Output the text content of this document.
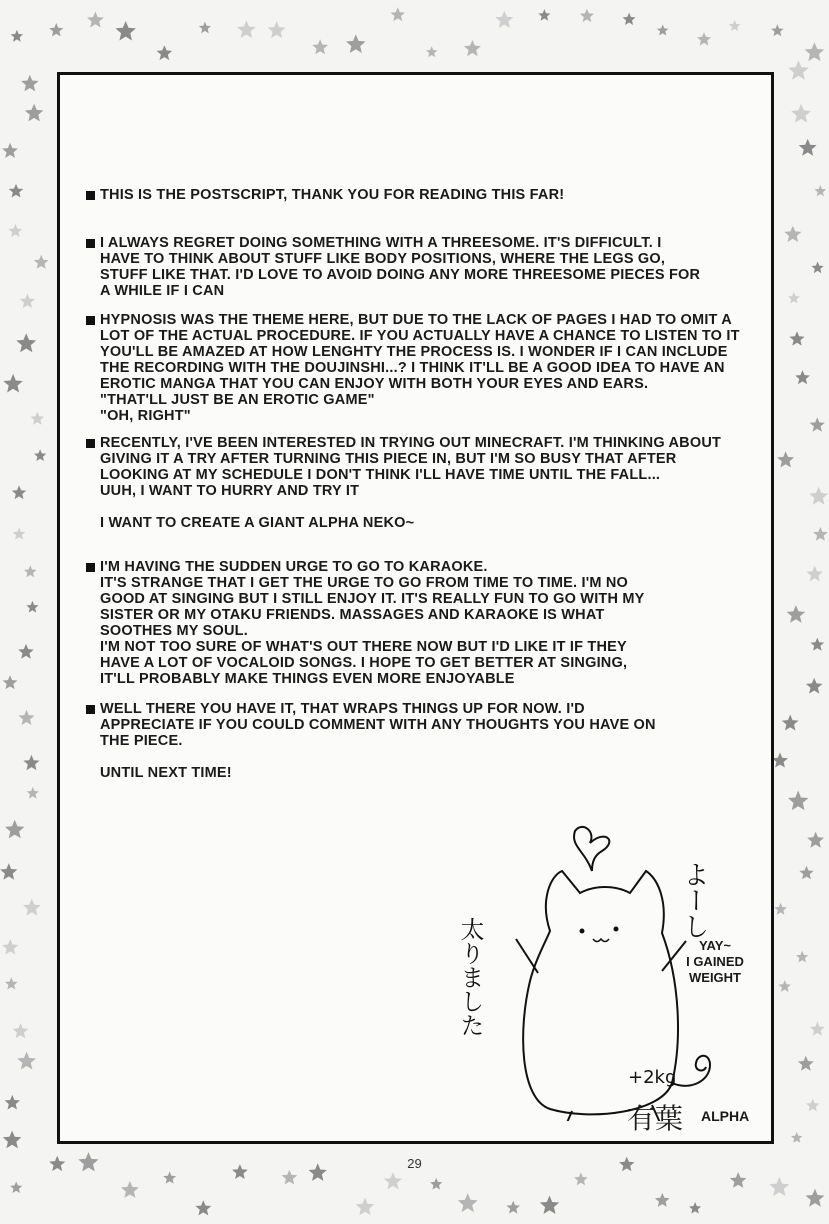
THIS IS THE POSTSCRIPT, THANK YOU FOR READING THIS FAR!

I ALWAYS REGRET DOING SOMETHING WITH A THREESOME. IT'S DIFFICULT. I
HAVE TO THINK ABOUT STUFF LIKE BODY POSITIONS, WHERE THE LEGS GO,
STUFF LIKE THAT. I'D LOVE TO AVOID DOING ANY MORE THREESOME PIECES FOR
A WHILE IF I CAN

HYPNOSIS WAS THE THEME HERE, BUT DUE TO THE LACK OF PAGES I HAD TO OMIT A
LOT OF THE ACTUAL PROCEDURE. IF YOU ACTUALLY HAVE A CHANCE TO LISTEN TO IT
YOU'LL BE AMAZED AT HOW LENGHTY THE PROCESS IS. I WONDER IF I CAN INCLUDE
THE RECORDING WITH THE DOUJINSHI...? I THINK IT'LL BE A GOOD IDEA TO HAVE AN
EROTIC MANGA THAT YOU CAN ENJOY WITH BOTH YOUR EYES AND EARS.
"THAT'LL JUST BE AN EROTIC GAME"
"OH, RIGHT"

RECENTLY, I'VE BEEN INTERESTED IN TRYING OUT MINECRAFT. I'M THINKING ABOUT
GIVING IT A TRY AFTER TURNING THIS PIECE IN, BUT I'M SO BUSY THAT AFTER
LOOKING AT MY SCHEDULE I DON'T THINK I'LL HAVE TIME UNTIL THE FALL...
UUH, I WANT TO HURRY AND TRY IT
I WANT TO CREATE A GIANT ALPHA NEKO~

I'M HAVING THE SUDDEN URGE TO GO TO KARAOKE.
IT'S STRANGE THAT I GET THE URGE TO GO FROM TIME TO TIME. I'M NO
GOOD AT SINGING BUT I STILL ENJOY IT. IT'S REALLY FUN TO GO WITH MY
SISTER OR MY OTAKU FRIENDS. MASSAGES AND KARAOKE IS WHAT
SOOTHES MY SOUL.
I'M NOT TOO SURE OF WHAT'S OUT THERE NOW BUT I'D LIKE IT IF THEY
HAVE A LOT OF VOCALOID SONGS. I HOPE TO GET BETTER AT SINGING,
IT'LL PROBABLY MAKE THINGS EVEN MORE ENJOYABLE

WELL THERE YOU HAVE IT, THAT WRAPS THINGS UP FOR NOW. I'D
APPRECIATE IF YOU COULD COMMENT WITH ANY THOUGHTS YOU HAVE ON
THE PIECE.
UNTIL NEXT TIME!

+2kg
太りました
よーし
YAY~
I GAINED
WEIGHT
有葉 ALPHA
29
